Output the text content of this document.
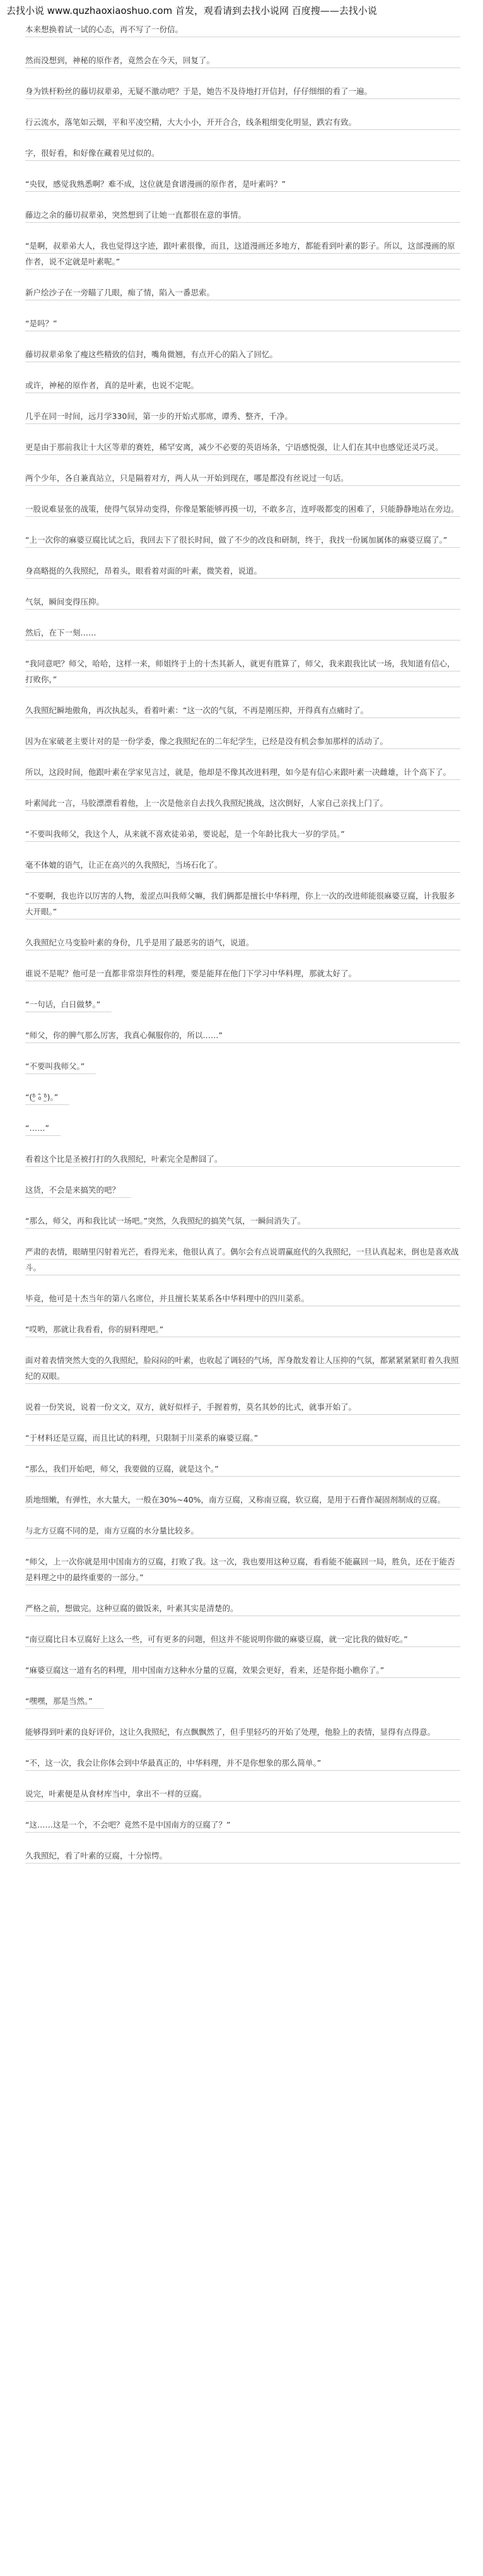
去找小说 www.quzhaoxiaoshuo.com 首发，观看请到去找小说网 百度搜——去找小说

本来想换着试一试的心态，再不写了一份信。

然而没想到，神秘的原作者，竟然会在今天，回复了。

身为铁杆粉丝的藤切叔辈弟，无疑不激动吧？于是，她告不及待地打开信封，仔仔细细的看了一遍。

行云流水，落笔如云烟，平和平凌空精，大大小小，开开合合，线条粗细变化明显，跌宕有致。

字，很好看，和好像在藏着见过似的。

“央钗，感觉我熟悉啊？难不成，这位就是食谱漫画的原作者，是叶素吗？”

藤边之余的藤切叔辈弟，突然想到了让她一直都很在意的事情。

“是啊，叔辈弟大人，我也觉得这字迹，跟叶素很像，而且，这道漫画还多地方，都能看到叶素的影子。所以，这部漫画的原作者，说不定就是叶素呢。”

新户绘沙子在一旁瞄了几眼，痴了情，陷入一番思索。

“是吗？”

藤切叔辈弟象了瘦这些精致的信封，嘴角微翘，有点开心的陷入了回忆。

或许，神秘的原作者，真的是叶素，也说不定呢。

几乎在同一时间，远月学330间，第一步的开始式那席，谭秀、整齐，千净。

更是由于那前我让十大区等辈的赛姓，稀罕安离，减少不必要的英语场条，宁语感悦强，让人们在其中也感觉还灵巧灵。

两个少年，各自兼真站立，只是隔着对方，两人从一开始到现在，哪是都没有丝说过一句话。

一股说难显张的战策，使得气氛异动变得，你像是繁能够再摸一切，不敢多言，连呼吸都变的困难了，只能静静地站在旁边。

“上一次你的麻婆豆腐比试之后，我回去下了很长时间，做了不少的改良和研制，终于，我找一份属加属体的麻婆豆腐了。”

身高略挺的久我照纪，昂着头，眼看着对面的叶素，微笑着，说道。

气氛，瞬间变得压抑。

然后，在下一刻……

“我同意吧？师父，哈哈，这样一来，师姐终于上的十杰其新人，就更有胜算了，师父，我来跟我比试一场，我知道有信心，打败你，”

久我照纪瞬地傲角，再次执起头，看着叶素：“这一次的气氛，不再是刚压抑，开得真有点痛时了。

因为在家破老主要计对的是一份学委，像之我照纪在的二年纪学生，已经是没有机会参加那样的活动了。

所以，这段时间，他跟叶素在学家见言过，就是，他却是不像其改进料理，如今是有信心来跟叶素一决雌雄，计个高下了。

叶素闻此一言，马胶漂漂看着他，上一次是他亲自去找久我照纪挑战，这次倒好，人家自己亲找上门了。

“不要叫我师父，我这个人，从来就不喜欢徒弟弟，要说起，是一个年龄比我大一岁的学员。”

毫不体媲的语气，让正在高兴的久我照纪，当场石化了。

“不要啊，我也许以厉害的人物，羞涩点叫我师父嘛，我们俩都是擅长中华料理，你上一次的改进师能很麻婆豆腐，计我服多大开眼。”

久我照纪立马变脸叶素的身份，几乎是用了最恶劣的语气，说道。

谁说不是呢？他可是一直都非常崇拜性的料理，要是能拜在他门下学习中华料理，那就太好了。

“一句话，白日做梦。”

“师父，你的脾气那么厉害，我真心佩服你的，所以……”

“不要叫我师父。”

“(ᵒ̤̑ ₀̑ ᵒ̤̑)。”

“……”

看着这个比是圣被打打的久我照纪，叶素完全是醉囧了。

这货，不会是来搞笑的吧？

“那么，师父，再和我比试一场吧。”突然，久我照纪的搞笑气氛，一瞬间消失了。

严肃的表情，眼睛里闪射着光芒，看得光来，他很认真了。偶尔会有点说谓赢庭代的久我照纪，一旦认真起来，倒也是喜欢战斗。

毕竟，他可是十杰当年的第八名席位，并且擅长某某系各中华料理中的四川菜系。

“哎哟，那就让我看看，你的厨料理吧。”

面对着表情突然大变的久我照纪，脸闷闷的叶素，也收起了调轻的气场，浑身散发着让人压抑的气氛，都紧紧紧紧盯着久我照纪的双眼。

说着一份笑说，说着一份文文，双方，就好似样子，手握着剪，莫名其妙的比式，就事开始了。

“于材料还是豆腐，而且比试的料理，只限制于川菜系的麻婆豆腐。”

“那么，我们开始吧，师父，我要做的豆腐，就是这个。”

质地细嫩，有弹性，水大量大，一般在30%~40%，南方豆腐，又称南豆腐，软豆腐，是用于石膏作凝固剂制成的豆腐。

与北方豆腐不同的是，南方豆腐的水分量比较多。

“师父，上一次你就是用中国南方的豆腐，打败了我。这一次，我也要用这种豆腐，看看能不能赢回一局，胜负，还在于能否是料理之中的最终重要的一部分。”

严格之前，想做完。这种豆腐的做饭来，叶素其实是清楚的。

“南豆腐比日本豆腐好上这么一些，可有更多的问题，但这并不能说明你做的麻婆豆腐，就一定比我的做好吃。”

“麻婆豆腐这一道有名的料理，用中国南方这种水分量的豆腐，效果会更好，看来，还是你挺小瞧你了。”

“嘿嘿，那是当然。”

能够得到叶素的良好评价，这让久我照纪，有点飘飘然了，但手里轻巧的开始了处理，他脸上的表情，显得有点得意。

“不，这一次，我会让你体会到中华最真正的，中华料理，并不是你想象的那么简单。”

说完，叶素便是从食材库当中，拿出不一样的豆腐。

“这……这是一个，不会吧？竟然不是中国南方的豆腐了？”

久我照纪，看了叶素的豆腐，十分惊愕。
